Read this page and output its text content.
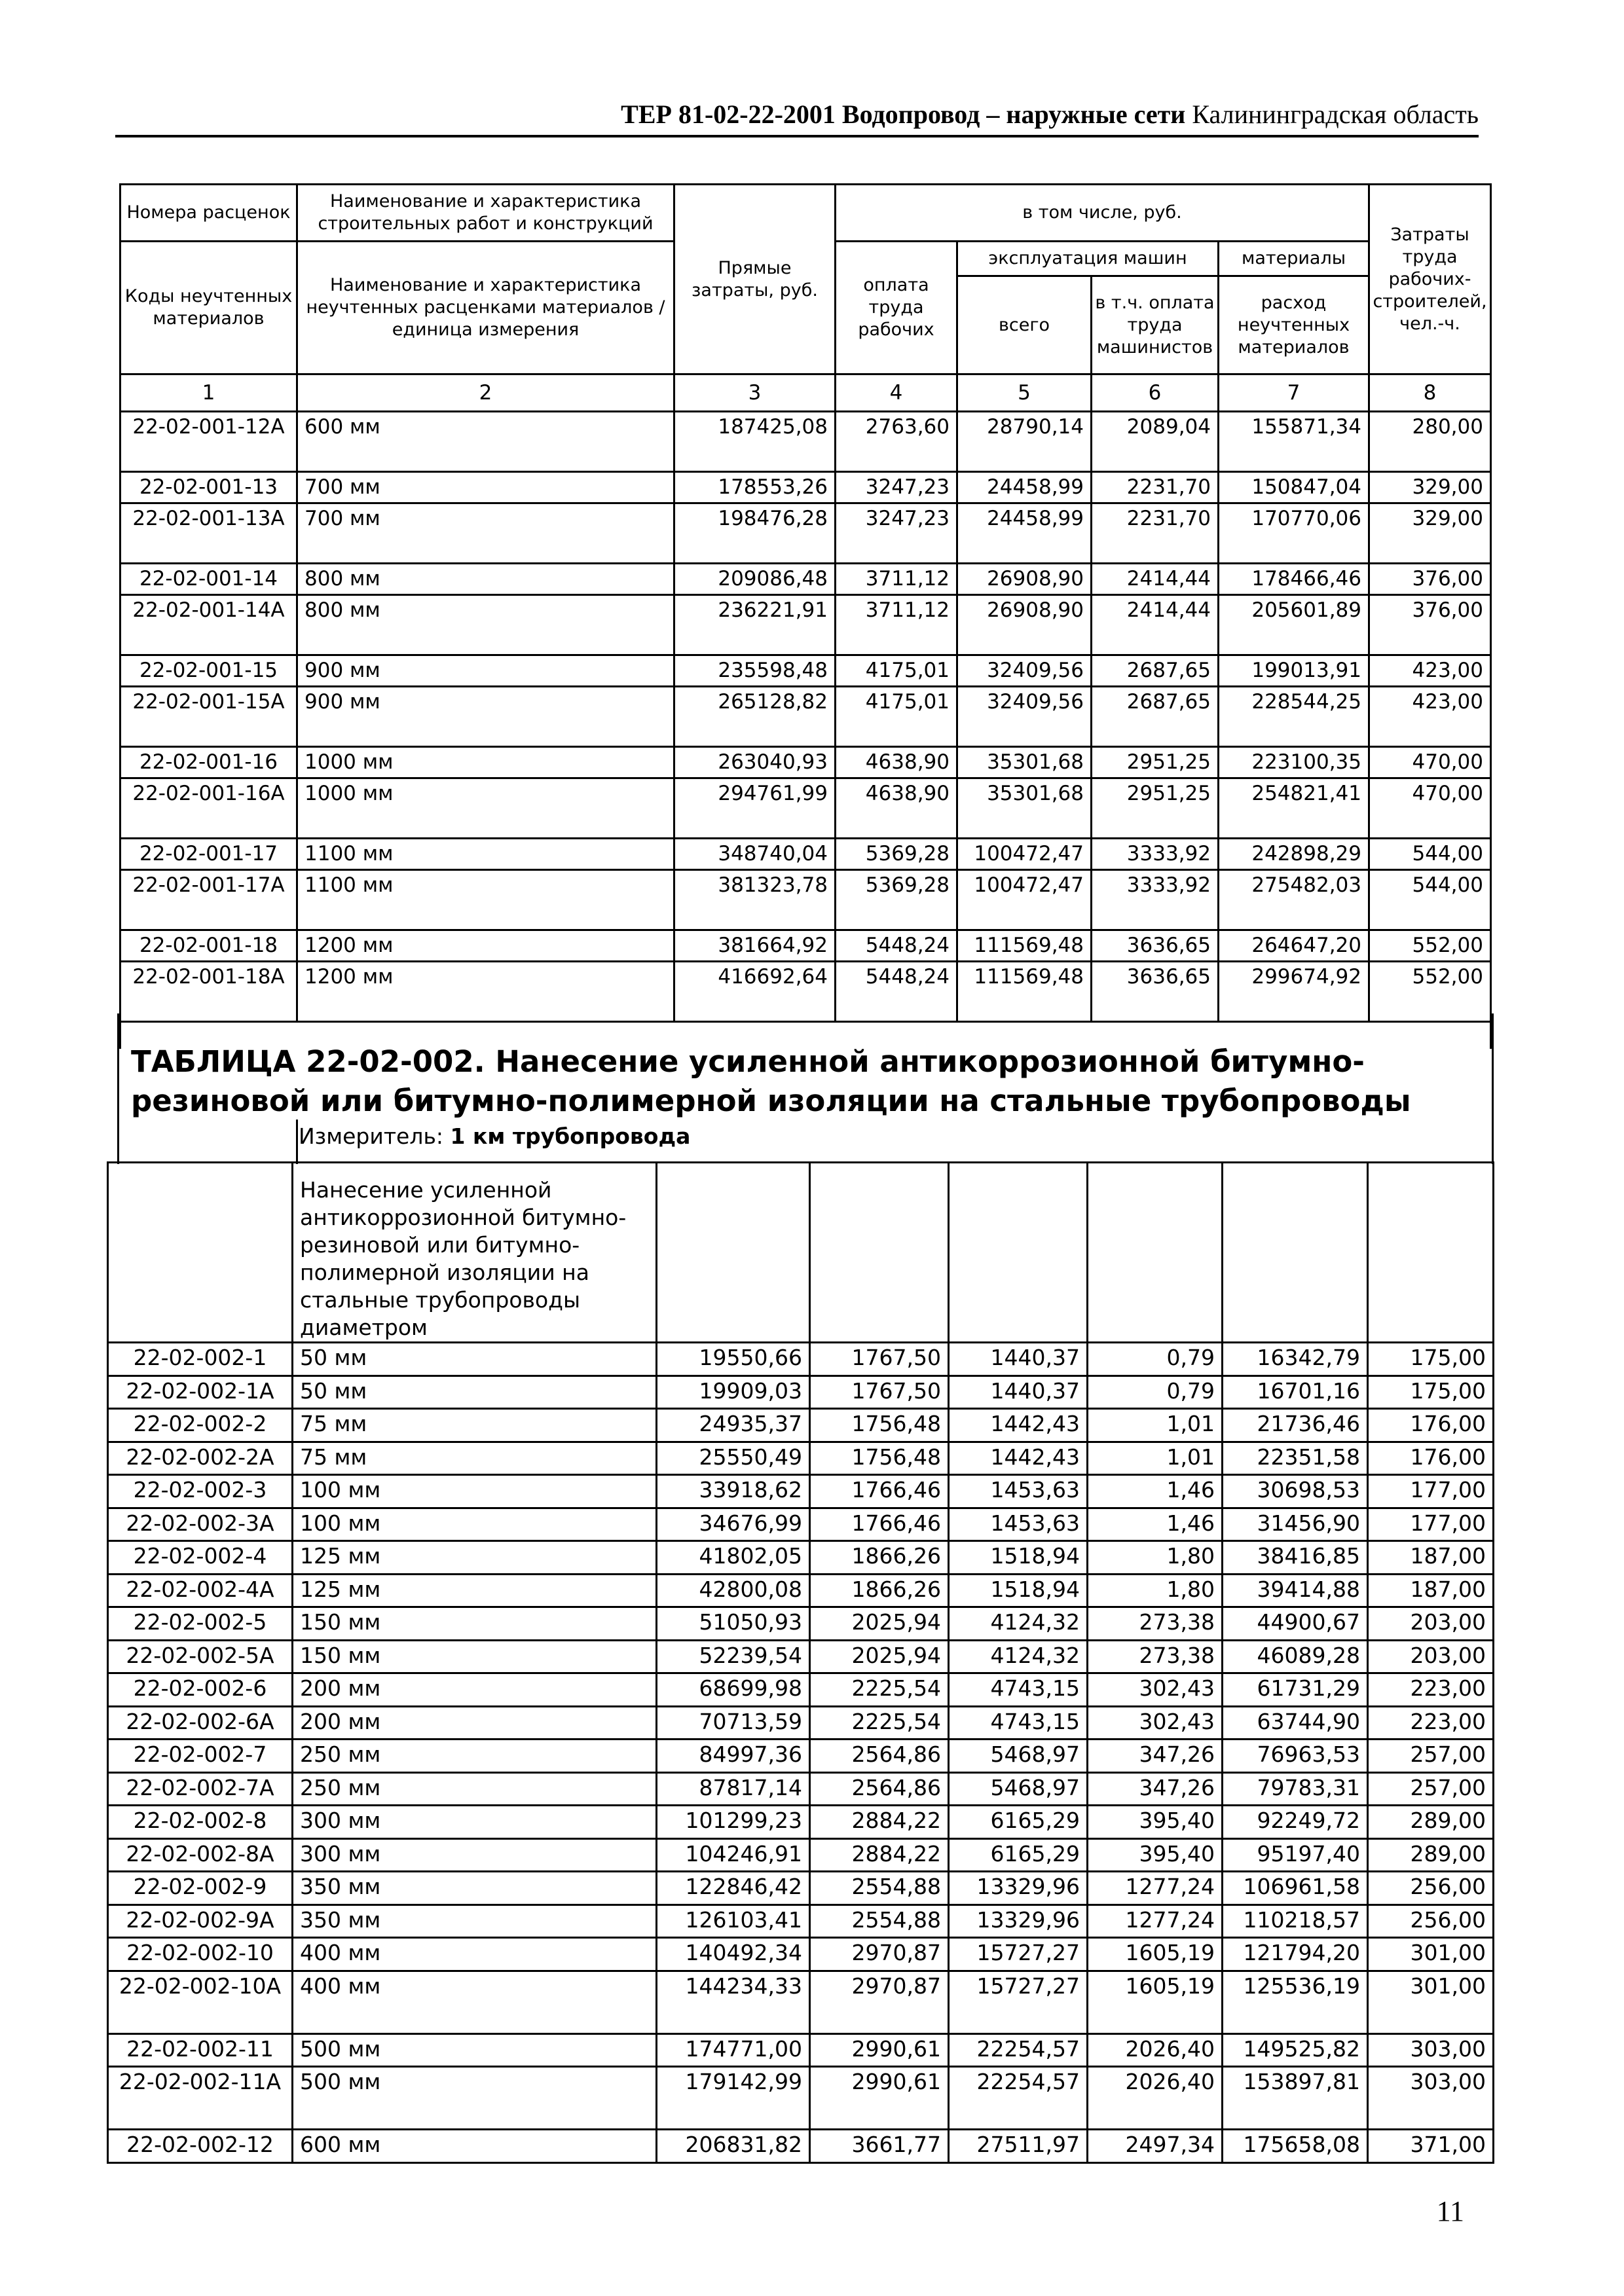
ТЕР 81-02-22-2001
Водопровод – наружные сети
Калининградская область
Номера расценок	Наименование и характеристика строительных работ и конструкций	Прямые затраты, руб.	в том числе, руб.				Затраты труда рабочих-строителей, чел.-ч.
Коды неучтенных материалов	Наименование и характеристика неучтенных расценками материалов / единица измерения		оплата труда рабочих	эксплуатация машин		материалы	
				всего	в т.ч. оплата труда машинистов	расход неучтенных материалов	
1	2	3	4	5	6	7	8
22-02-001-12А	600 мм	187425,08	2763,60	28790,14	2089,04	155871,34	280,00
22-02-001-13	700 мм	178553,26	3247,23	24458,99	2231,70	150847,04	329,00
22-02-001-13А	700 мм	198476,28	3247,23	24458,99	2231,70	170770,06	329,00
22-02-001-14	800 мм	209086,48	3711,12	26908,90	2414,44	178466,46	376,00
22-02-001-14А	800 мм	236221,91	3711,12	26908,90	2414,44	205601,89	376,00
22-02-001-15	900 мм	235598,48	4175,01	32409,56	2687,65	199013,91	423,00
22-02-001-15А	900 мм	265128,82	4175,01	32409,56	2687,65	228544,25	423,00
22-02-001-16	1000 мм	263040,93	4638,90	35301,68	2951,25	223100,35	470,00
22-02-001-16А	1000 мм	294761,99	4638,90	35301,68	2951,25	254821,41	470,00
22-02-001-17	1100 мм	348740,04	5369,28	100472,47	3333,92	242898,29	544,00
22-02-001-17А	1100 мм	381323,78	5369,28	100472,47	3333,92	275482,03	544,00
22-02-001-18	1200 мм	381664,92	5448,24	111569,48	3636,65	264647,20	552,00
22-02-001-18А	1200 мм	416692,64	5448,24	111569,48	3636,65	299674,92	552,00

ТАБЛИЦА 22-02-002. Нанесение усиленной антикоррозионной битумно-резиновой или битумно-полимерной изоляции на стальные трубопроводы
Измеритель: 1 км трубопровода
	Нанесение усиленной антикоррозионной битумно-резиновой или битумно-полимерной изоляции на стальные трубопроводы диаметром						
22-02-002-1	50 мм	19550,66	1767,50	1440,37	0,79	16342,79	175,00
22-02-002-1А	50 мм	19909,03	1767,50	1440,37	0,79	16701,16	175,00
22-02-002-2	75 мм	24935,37	1756,48	1442,43	1,01	21736,46	176,00
22-02-002-2А	75 мм	25550,49	1756,48	1442,43	1,01	22351,58	176,00
22-02-002-3	100 мм	33918,62	1766,46	1453,63	1,46	30698,53	177,00
22-02-002-3А	100 мм	34676,99	1766,46	1453,63	1,46	31456,90	177,00
22-02-002-4	125 мм	41802,05	1866,26	1518,94	1,80	38416,85	187,00
22-02-002-4А	125 мм	42800,08	1866,26	1518,94	1,80	39414,88	187,00
22-02-002-5	150 мм	51050,93	2025,94	4124,32	273,38	44900,67	203,00
22-02-002-5А	150 мм	52239,54	2025,94	4124,32	273,38	46089,28	203,00
22-02-002-6	200 мм	68699,98	2225,54	4743,15	302,43	61731,29	223,00
22-02-002-6А	200 мм	70713,59	2225,54	4743,15	302,43	63744,90	223,00
22-02-002-7	250 мм	84997,36	2564,86	5468,97	347,26	76963,53	257,00
22-02-002-7А	250 мм	87817,14	2564,86	5468,97	347,26	79783,31	257,00
22-02-002-8	300 мм	101299,23	2884,22	6165,29	395,40	92249,72	289,00
22-02-002-8А	300 мм	104246,91	2884,22	6165,29	395,40	95197,40	289,00
22-02-002-9	350 мм	122846,42	2554,88	13329,96	1277,24	106961,58	256,00
22-02-002-9А	350 мм	126103,41	2554,88	13329,96	1277,24	110218,57	256,00
22-02-002-10	400 мм	140492,34	2970,87	15727,27	1605,19	121794,20	301,00
22-02-002-10А	400 мм	144234,33	2970,87	15727,27	1605,19	125536,19	301,00
22-02-002-11	500 мм	174771,00	2990,61	22254,57	2026,40	149525,82	303,00
22-02-002-11А	500 мм	179142,99	2990,61	22254,57	2026,40	153897,81	303,00
22-02-002-12	600 мм	206831,82	3661,77	27511,97	2497,34	175658,08	371,00
11
